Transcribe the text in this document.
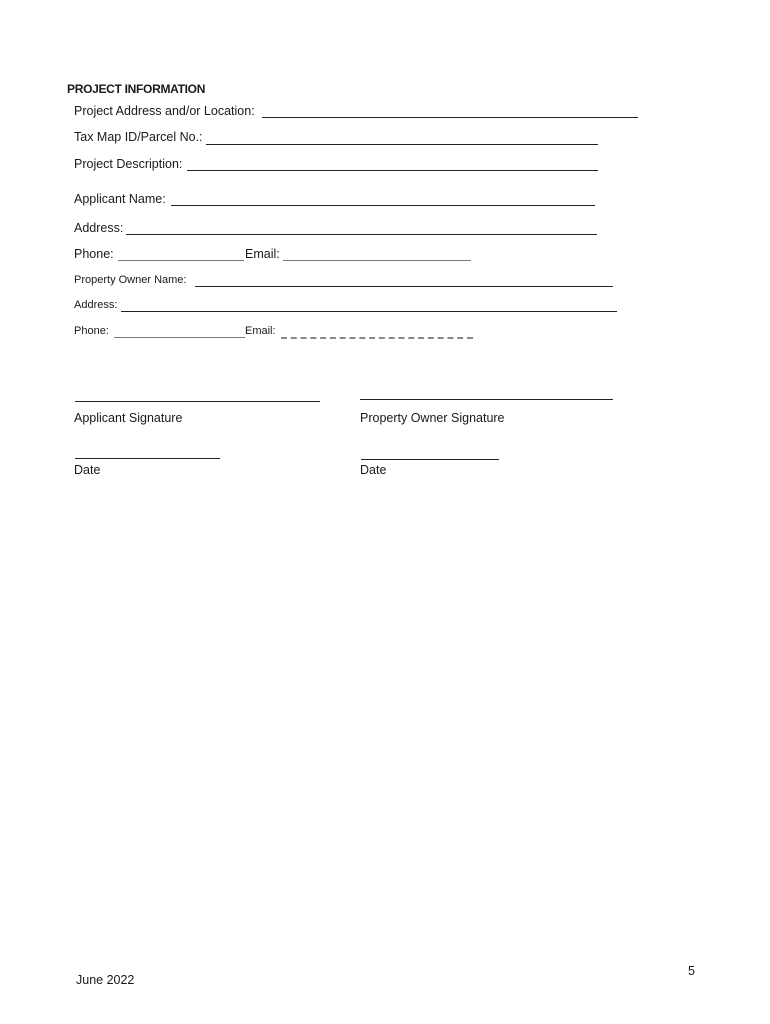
PROJECT INFORMATION
Project Address and/or Location:
Tax Map ID/Parcel No.:
Project Description:
Applicant Name:
Address:
Phone:	Email:
Property Owner Name:
Address:
Phone:	Email:
Applicant Signature	Property Owner Signature
Date	Date
June 2022
5
